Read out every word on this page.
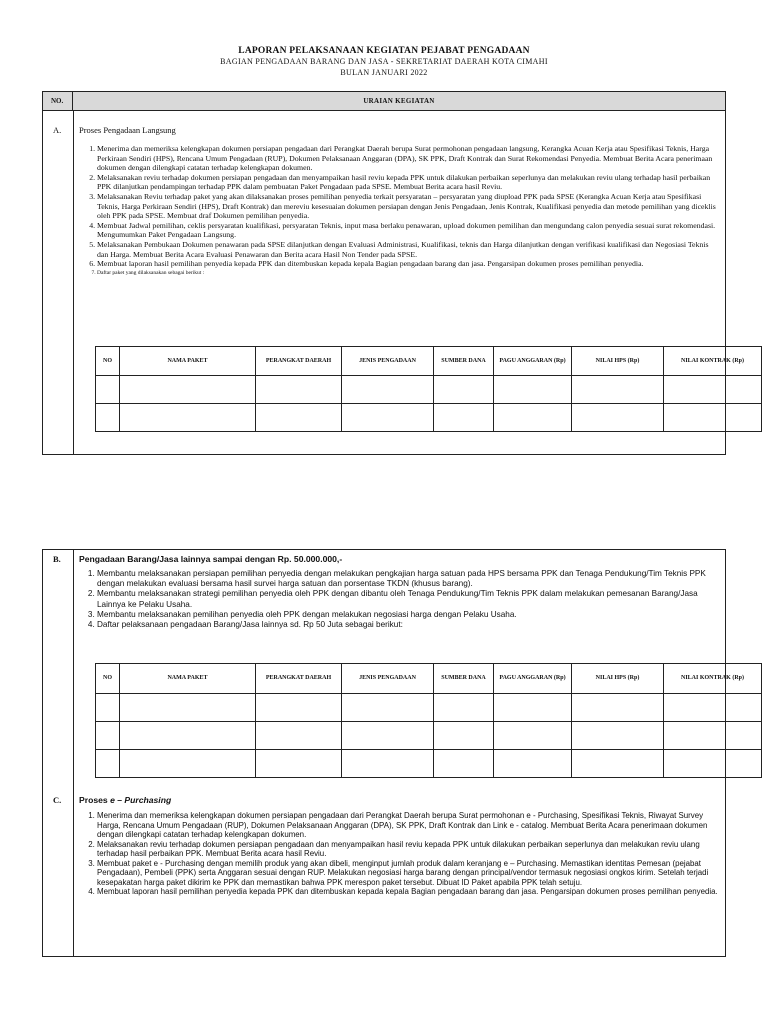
LAPORAN PELAKSANAAN KEGIATAN PEJABAT PENGADAAN
BAGIAN PENGADAAN BARANG DAN JASA - SEKRETARIAT DAERAH KOTA CIMAHI
BULAN JANUARI 2022
NO.	URAIAN KEGIATAN
A. Proses Pengadaan Langsung
1. Menerima dan memeriksa kelengkapan dokumen persiapan pengadaan dari Perangkat Daerah berupa Surat permohonan pengadaan langsung, Kerangka Acuan Kerja atau Spesifikasi Teknis, Harga Perkiraan Sendiri (HPS), Rencana Umum Pengadaan (RUP), Dokumen Pelaksanaan Anggaran (DPA), SK PPK, Draft Kontrak dan Surat Rekomendasi Penyedia. Membuat Berita Acara penerimaan dokumen dengan dilengkapi catatan terhadap kelengkapan dokumen.
2. Melaksanakan reviu terhadap dokumen persiapan pengadaan dan menyampaikan hasil reviu kepada PPK untuk dilakukan perbaikan seperlunya dan melakukan reviu ulang terhadap hasil perbaikan PPK dilanjutkan pendampingan terhadap PPK dalam pembuatan Paket Pengadaan pada SPSE. Membuat Berita acara hasil Reviu.
3. Melaksanakan Reviu terhadap paket yang akan dilaksanakan proses pemilihan penyedia terkait persyaratan – persyaratan yang diupload PPK pada SPSE (Kerangka Acuan Kerja atau Spesifikasi Teknis, Harga Perkiraan Sendiri (HPS), Draft Kontrak) dan mereviu kesesuaian dokumen persiapan dengan Jenis Pengadaan, Jenis Kontrak, Kualifikasi penyedia dan metode pemilihan yang diceklis oleh PPK pada SPSE. Membuat draf Dokumen pemilihan penyedia.
4. Membuat Jadwal pemilihan, ceklis persyaratan kualifikasi, persyaratan Teknis, input masa berlaku penawaran, upload dokumen pemilihan dan mengundang calon penyedia sesuai surat rekomendasi. Mengumumkan Paket Pengadaan Langsung.
5. Melaksanakan Pembukaan Dokumen penawaran pada SPSE dilanjutkan dengan Evaluasi Administrasi, Kualifikasi, teknis dan Harga dilanjutkan dengan verifikasi kualifikasi dan Negosiasi Teknis dan Harga. Membuat Berita Acara Evaluasi Penawaran dan Berita acara Hasil Non Tender pada SPSE.
6. Membuat laporan hasil pemilihan penyedia kepada PPK dan ditembuskan kepada kepala Bagian pengadaan barang dan jasa. Pengarsipan dokumen proses pemilihan penyedia.
7. Daftar paket yang dilaksanakan sebagai berikut :
NO	NAMA PAKET	PERANGKAT DAERAH	JENIS PENGADAAN	SUMBER DANA	PAGU ANGGARAN (Rp)	NILAI HPS (Rp)	NILAI KONTRAK (Rp)

B. Pengadaan Barang/Jasa lainnya sampai dengan Rp. 50.000.000,-
1. Membantu melaksanakan persiapan pemilihan penyedia dengan melakukan pengkajian harga satuan pada HPS bersama PPK dan Tenaga Pendukung/Tim Teknis PPK dengan melakukan evaluasi bersama hasil survei harga satuan dan porsentase TKDN (khusus barang).
2. Membantu melaksanakan strategi pemilihan penyedia oleh PPK dengan dibantu oleh Tenaga Pendukung/Tim Teknis PPK dalam melakukan pemesanan Barang/Jasa Lainnya ke Pelaku Usaha.
3. Membantu melaksanakan pemilihan penyedia oleh PPK dengan melakukan negosiasi harga dengan Pelaku Usaha.
4. Daftar pelaksanaan pengadaan Barang/Jasa lainnya sd. Rp 50 Juta sebagai berikut:
NO	NAMA PAKET	PERANGKAT DAERAH	JENIS PENGADAAN	SUMBER DANA	PAGU ANGGARAN (Rp)	NILAI HPS (Rp)	NILAI KONTRAK (Rp)

C. Proses e – Purchasing
1. Menerima dan memeriksa kelengkapan dokumen persiapan pengadaan dari Perangkat Daerah berupa Surat permohonan e - Purchasing, Spesifikasi Teknis, Riwayat Survey Harga, Rencana Umum Pengadaan (RUP), Dokumen Pelaksanaan Anggaran (DPA), SK PPK, Draft Kontrak dan Link e - catalog. Membuat Berita Acara penerimaan dokumen dengan dilengkapi catatan terhadap kelengkapan dokumen.
2. Melaksanakan reviu terhadap dokumen persiapan pengadaan dan menyampaikan hasil reviu kepada PPK untuk dilakukan perbaikan seperlunya dan melakukan reviu ulang terhadap hasil perbaikan PPK. Membuat Berita acara hasil Reviu.
3. Membuat paket e - Purchasing dengan memilih produk yang akan dibeli, menginput jumlah produk dalam keranjang e – Purchasing. Memastikan identitas Pemesan (pejabat Pengadaan), Pembeli (PPK) serta Anggaran sesuai dengan RUP. Melakukan negosiasi harga barang dengan principal/vendor termasuk negosiasi ongkos kirim. Setelah terjadi kesepakatan harga paket dikirim ke PPK dan memastikan bahwa PPK merespon paket tersebut. Dibuat ID Paket apabila PPK telah setuju.
4. Membuat laporan hasil pemilihan penyedia kepada PPK dan ditembuskan kepada kepala Bagian pengadaan barang dan jasa. Pengarsipan dokumen proses pemilihan penyedia.
